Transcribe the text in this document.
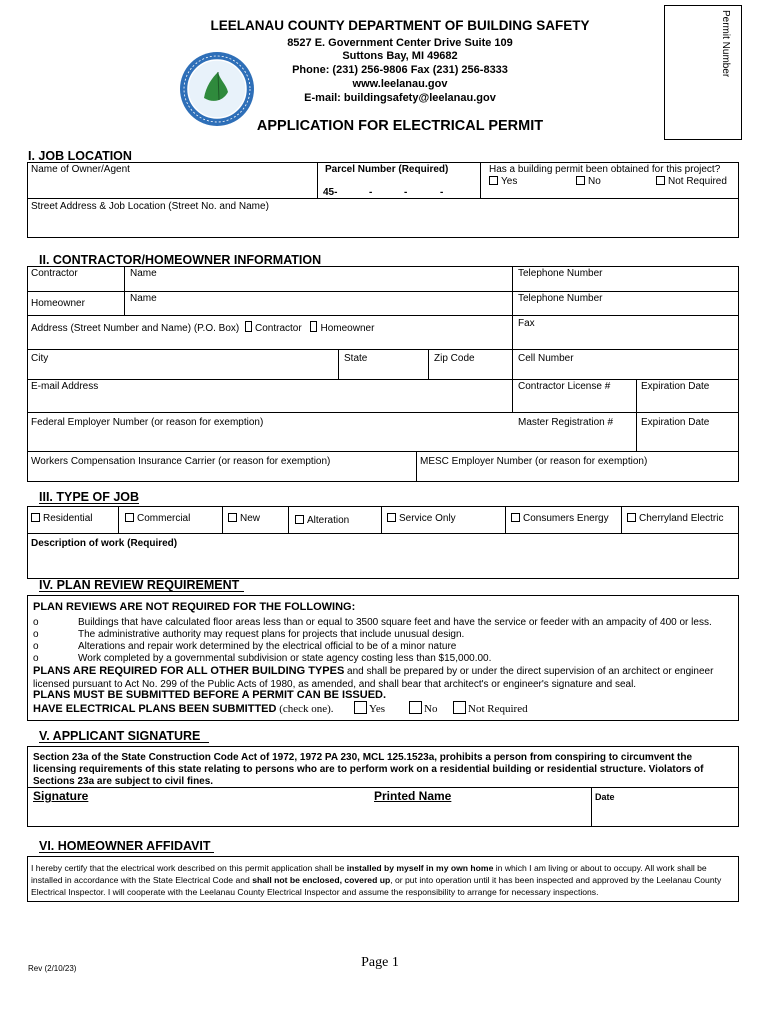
LEELANAU COUNTY DEPARTMENT OF BUILDING SAFETY
8527 E. Government Center Drive Suite 109
Suttons Bay, MI 49682
Phone: (231) 256-9806 Fax (231) 256-8333
www.leelanau.gov
E-mail: buildingsafety@leelanau.gov
Permit Number
APPLICATION FOR ELECTRICAL PERMIT
I. JOB LOCATION
Name of Owner/Agent	Parcel Number (Required)
45-	-	-	-
Has a building permit been obtained for this project?
Yes	No	Not Required
Street Address & Job Location (Street No. and Name)
II. CONTRACTOR/HOMEOWNER INFORMATION
Contractor	Name	Telephone Number
Homeowner	Name	Telephone Number
Address (Street Number and Name) (P.O. Box) Contractor Homeowner	Fax
City	State	Zip Code	Cell Number
E-mail Address	Contractor License #	Expiration Date
Federal Employer Number (or reason for exemption)	Master Registration #	Expiration Date
Workers Compensation Insurance Carrier (or reason for exemption)	MESC Employer Number (or reason for exemption)
III. TYPE OF JOB
Residential	Commercial	New	Alteration	Service Only	Consumers Energy	Cherryland Electric
Description of work (Required)
IV. PLAN REVIEW REQUIREMENT
PLAN REVIEWS ARE NOT REQUIRED FOR THE FOLLOWING:
o	Buildings that have calculated floor areas less than or equal to 3500 square feet and have the service or feeder with an ampacity of 400 or less.
o	The administrative authority may request plans for projects that include unusual design.
o	Alterations and repair work determined by the electrical official to be of a minor nature
o	Work completed by a governmental subdivision or state agency costing less than $15,000.00.
PLANS ARE REQUIRED FOR ALL OTHER BUILDING TYPES and shall be prepared by or under the direct supervision of an architect or engineer
licensed pursuant to Act No. 299 of the Public Acts of 1980, as amended, and shall bear that architect's or engineer's signature and seal.
PLANS MUST BE SUBMITTED BEFORE A PERMIT CAN BE ISSUED.
HAVE ELECTRICAL PLANS BEEN SUBMITTED (check one).	Yes	No	Not Required
V. APPLICANT SIGNATURE
Section 23a of the State Construction Code Act of 1972, 1972 PA 230, MCL 125.1523a, prohibits a person from conspiring to circumvent the licensing requirements of this state relating to persons who are to perform work on a residential building or residential structure. Violators of Sections 23a are subject to civil fines.
Signature	Printed Name	Date
VI. HOMEOWNER AFFIDAVIT
I hereby certify that the electrical work described on this permit application shall be installed by myself in my own home in which I am living or about to occupy. All work shall be installed in accordance with the State Electrical Code and shall not be enclosed, covered up, or put into operation until it has been inspected and approved by the Leelanau County Electrical Inspector. I will cooperate with the Leelanau County Electrical Inspector and assume the responsibility to arrange for necessary inspections.
Page 1
Rev (2/10/23)
